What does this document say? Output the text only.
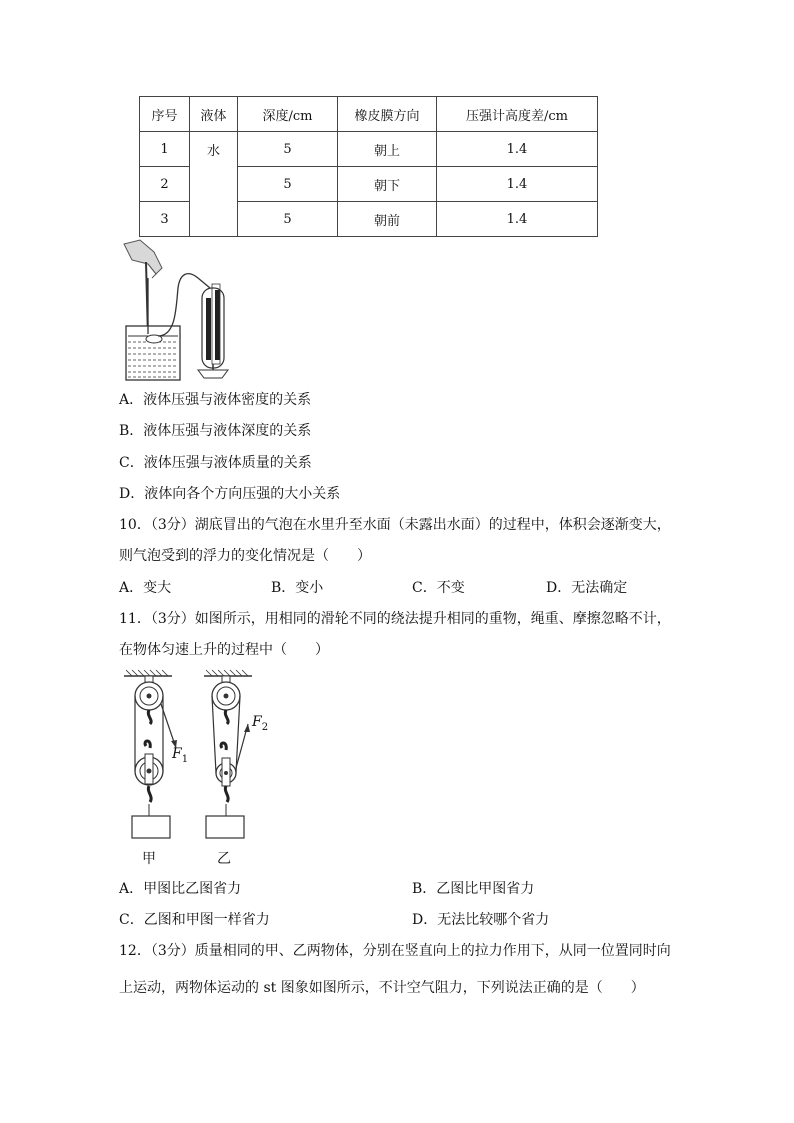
序号	液体	深度/cm	橡皮膜方向	压强计高度差/cm
1	水	5	朝上	1.4
2		5	朝下	1.4
3		5	朝前	1.4
A．液体压强与液体密度的关系
B．液体压强与液体深度的关系
C．液体压强与液体质量的关系
D．液体向各个方向压强的大小关系
10．（3分）湖底冒出的气泡在水里升至水面（未露出水面）的过程中，体积会逐渐变大，
则气泡受到的浮力的变化情况是（　　）
A．变大	B．变小	C．不变	D．无法确定
11．（3分）如图所示，用相同的滑轮不同的绕法提升相同的重物，绳重、摩擦忽略不计，
在物体匀速上升的过程中（　　）
$F_1$
$F_2$
甲	乙
A．甲图比乙图省力	B．乙图比甲图省力
C．乙图和甲图一样省力	D．无法比较哪个省力
12．（3分）质量相同的甲、乙两物体，分别在竖直向上的拉力作用下，从同一位置同时向
上运动，两物体运动的 st 图象如图所示，不计空气阻力，下列说法正确的是（　　）
